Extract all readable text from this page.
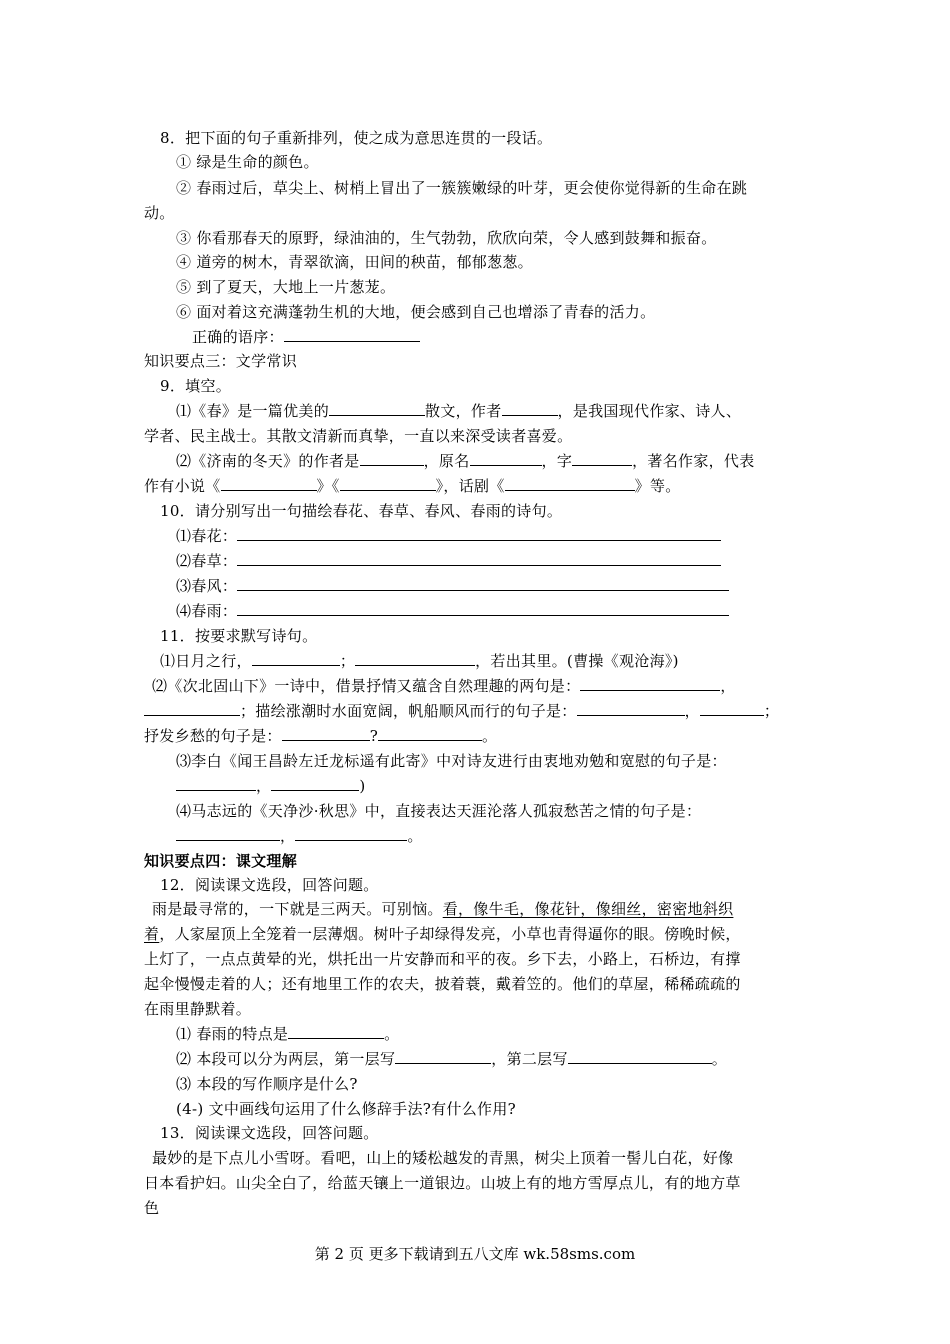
8．把下面的句子重新排列，使之成为意思连贯的一段话。
① 绿是生命的颜色。
② 春雨过后，草尖上、树梢上冒出了一簇簇嫩绿的叶芽，更会使你觉得新的生命在跳
动。
③ 你看那春天的原野，绿油油的，生气勃勃，欣欣向荣，令人感到鼓舞和振奋。
④ 道旁的树木，青翠欲滴，田间的秧苗，郁郁葱葱。
⑤ 到了夏天，大地上一片葱茏。
⑥ 面对着这充满蓬勃生机的大地，便会感到自己也增添了青春的活力。
正确的语序：
知识要点三：文学常识
9．填空。
⑴《春》是一篇优美的	散文，作者	，是我国现代作家、诗人、
学者、民主战士。其散文清新而真挚，一直以来深受读者喜爱。
⑵《济南的冬天》的作者是	，原名	，字	，著名作家，代表
作有小说《	》《	》，话剧《	》等。
10．请分别写出一句描绘春花、春草、春风、春雨的诗句。
⑴春花：
⑵春草：
⑶春风：
⑷春雨：
11．按要求默写诗句。
⑴日月之行，	；	，若出其里。(曹操《观沧海》)
⑵《次北固山下》一诗中，借景抒情又蕴含自然理趣的两句是：	，
；描绘涨潮时水面宽阔，帆船顺风而行的句子是：	，	；
抒发乡愁的句子是：	?	。
⑶李白《闻王昌龄左迁龙标遥有此寄》中对诗友进行由衷地劝勉和宽慰的句子是：
，	)
⑷马志远的《天净沙·秋思》中，直接表达天涯沦落人孤寂愁苦之情的句子是：
，	。
知识要点四：课文理解
12．阅读课文选段，回答问题。
雨是最寻常的，一下就是三两天。可别恼。看，像牛毛，像花针，像细丝，密密地斜织
着，人家屋顶上全笼着一层薄烟。树叶子却绿得发亮，小草也青得逼你的眼。傍晚时候，
上灯了，一点点黄晕的光，烘托出一片安静而和平的夜。乡下去，小路上，石桥边，有撑
起伞慢慢走着的人；还有地里工作的农夫，披着蓑，戴着笠的。他们的草屋，稀稀疏疏的
在雨里静默着。
⑴ 春雨的特点是	。
⑵ 本段可以分为两层，第一层写	，第二层写	。
⑶ 本段的写作顺序是什么?
(4-) 文中画线句运用了什么修辞手法?有什么作用?
13．阅读课文选段，回答问题。
最妙的是下点儿小雪呀。看吧，山上的矮松越发的青黑，树尖上顶着一髻儿白花，好像
日本看护妇。山尖全白了，给蓝天镶上一道银边。山坡上有的地方雪厚点儿，有的地方草
色
第 2 页 更多下载请到五八文库 wk.58sms.com
